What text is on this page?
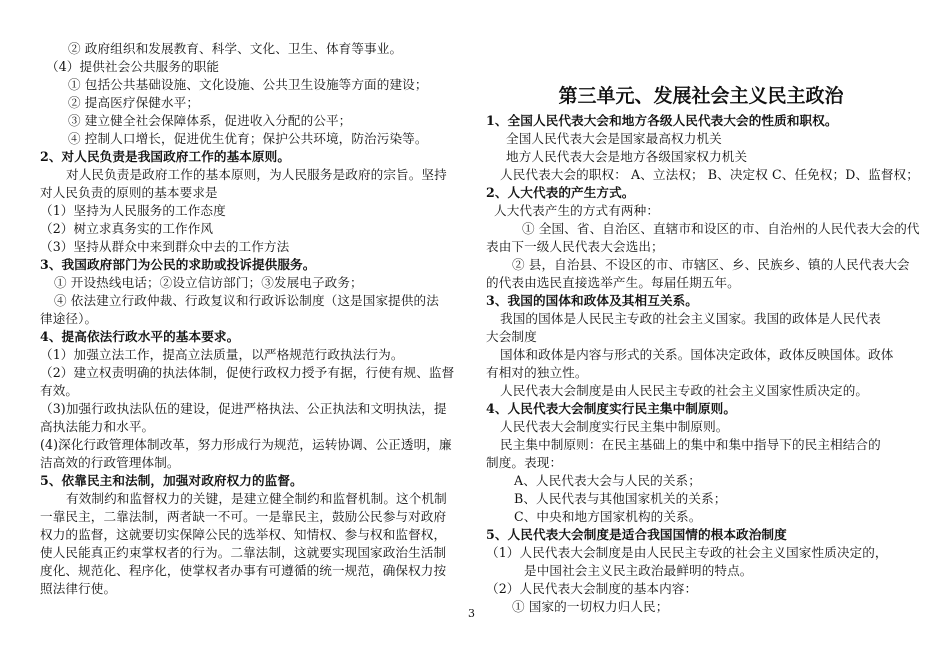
② 政府组织和发展教育、科学、文化、卫生、体育等事业。
（4）提供社会公共服务的职能
① 包括公共基础设施、文化设施、公共卫生设施等方面的建设；
② 提高医疗保健水平；
③ 建立健全社会保障体系，促进收入分配的公平；
④ 控制人口增长，促进优生优育；保护公共环境，防治污染等。
2、对人民负责是我国政府工作的基本原则。
对人民负责是政府工作的基本原则，为人民服务是政府的宗旨。坚持
对人民负责的原则的基本要求是
（1）坚持为人民服务的工作态度
（2）树立求真务实的工作作风
（3）坚持从群众中来到群众中去的工作方法
3、我国政府部门为公民的求助或投诉提供服务。
① 开设热线电话；②设立信访部门；③发展电子政务；
④ 依法建立行政仲裁、行政复议和行政诉讼制度（这是国家提供的法
律途径）。
4、提高依法行政水平的基本要求。
（1）加强立法工作，提高立法质量，以严格规范行政执法行为。
（2）建立权责明确的执法体制，促使行政权力授予有据，行使有规、监督
有效。
（3)加强行政执法队伍的建设，促进严格执法、公正执法和文明执法，提
高执法能力和水平。
(4)深化行政管理体制改革，努力形成行为规范，运转协调、公正透明，廉
洁高效的行政管理体制。
5、依靠民主和法制，加强对政府权力的监督。
有效制约和监督权力的关键，是建立健全制约和监督机制。这个机制
一靠民主，二靠法制，两者缺一不可。一是靠民主，鼓励公民参与对政府
权力的监督，这就要切实保障公民的选举权、知情权、参与权和监督权，
使人民能真正约束掌权者的行为。二靠法制，这就要实现国家政治生活制
度化、规范化、程序化，使掌权者办事有可遵循的统一规范，确保权力按
照法律行使。
第三单元、发展社会主义民主政治
1、全国人民代表大会和地方各级人民代表大会的性质和职权。
全国人民代表大会是国家最高权力机关
地方人民代表大会是地方各级国家权力机关
人民代表大会的职权： A、立法权； B、决定权 C、任免权；D、监督权；
2、人大代表的产生方式。
人大代表产生的方式有两种：
① 全国、省、自治区、直辖市和设区的市、自治州的人民代表大会的代
表由下一级人民代表大会选出；
② 县，自治县、不设区的市、市辖区、乡、民族乡、镇的人民代表大会
的代表由选民直接选举产生。每届任期五年。
3、我国的国体和政体及其相互关系。
我国的国体是人民民主专政的社会主义国家。我国的政体是人民代表
大会制度
国体和政体是内容与形式的关系。国体决定政体，政体反映国体。政体
有相对的独立性。
人民代表大会制度是由人民民主专政的社会主义国家性质决定的。
4、人民代表大会制度实行民主集中制原则。
人民代表大会制度实行民主集中制原则。
民主集中制原则：在民主基础上的集中和集中指导下的民主相结合的
制度。表现：
A、人民代表大会与人民的关系；
B、人民代表与其他国家机关的关系；
C、中央和地方国家机构的关系。
5、人民代表大会制度是适合我国国情的根本政治制度
（1）人民代表大会制度是由人民民主专政的社会主义国家性质决定的，
是中国社会主义民主政治最鲜明的特点。
（2）人民代表大会制度的基本内容：
① 国家的一切权力归人民；
3
